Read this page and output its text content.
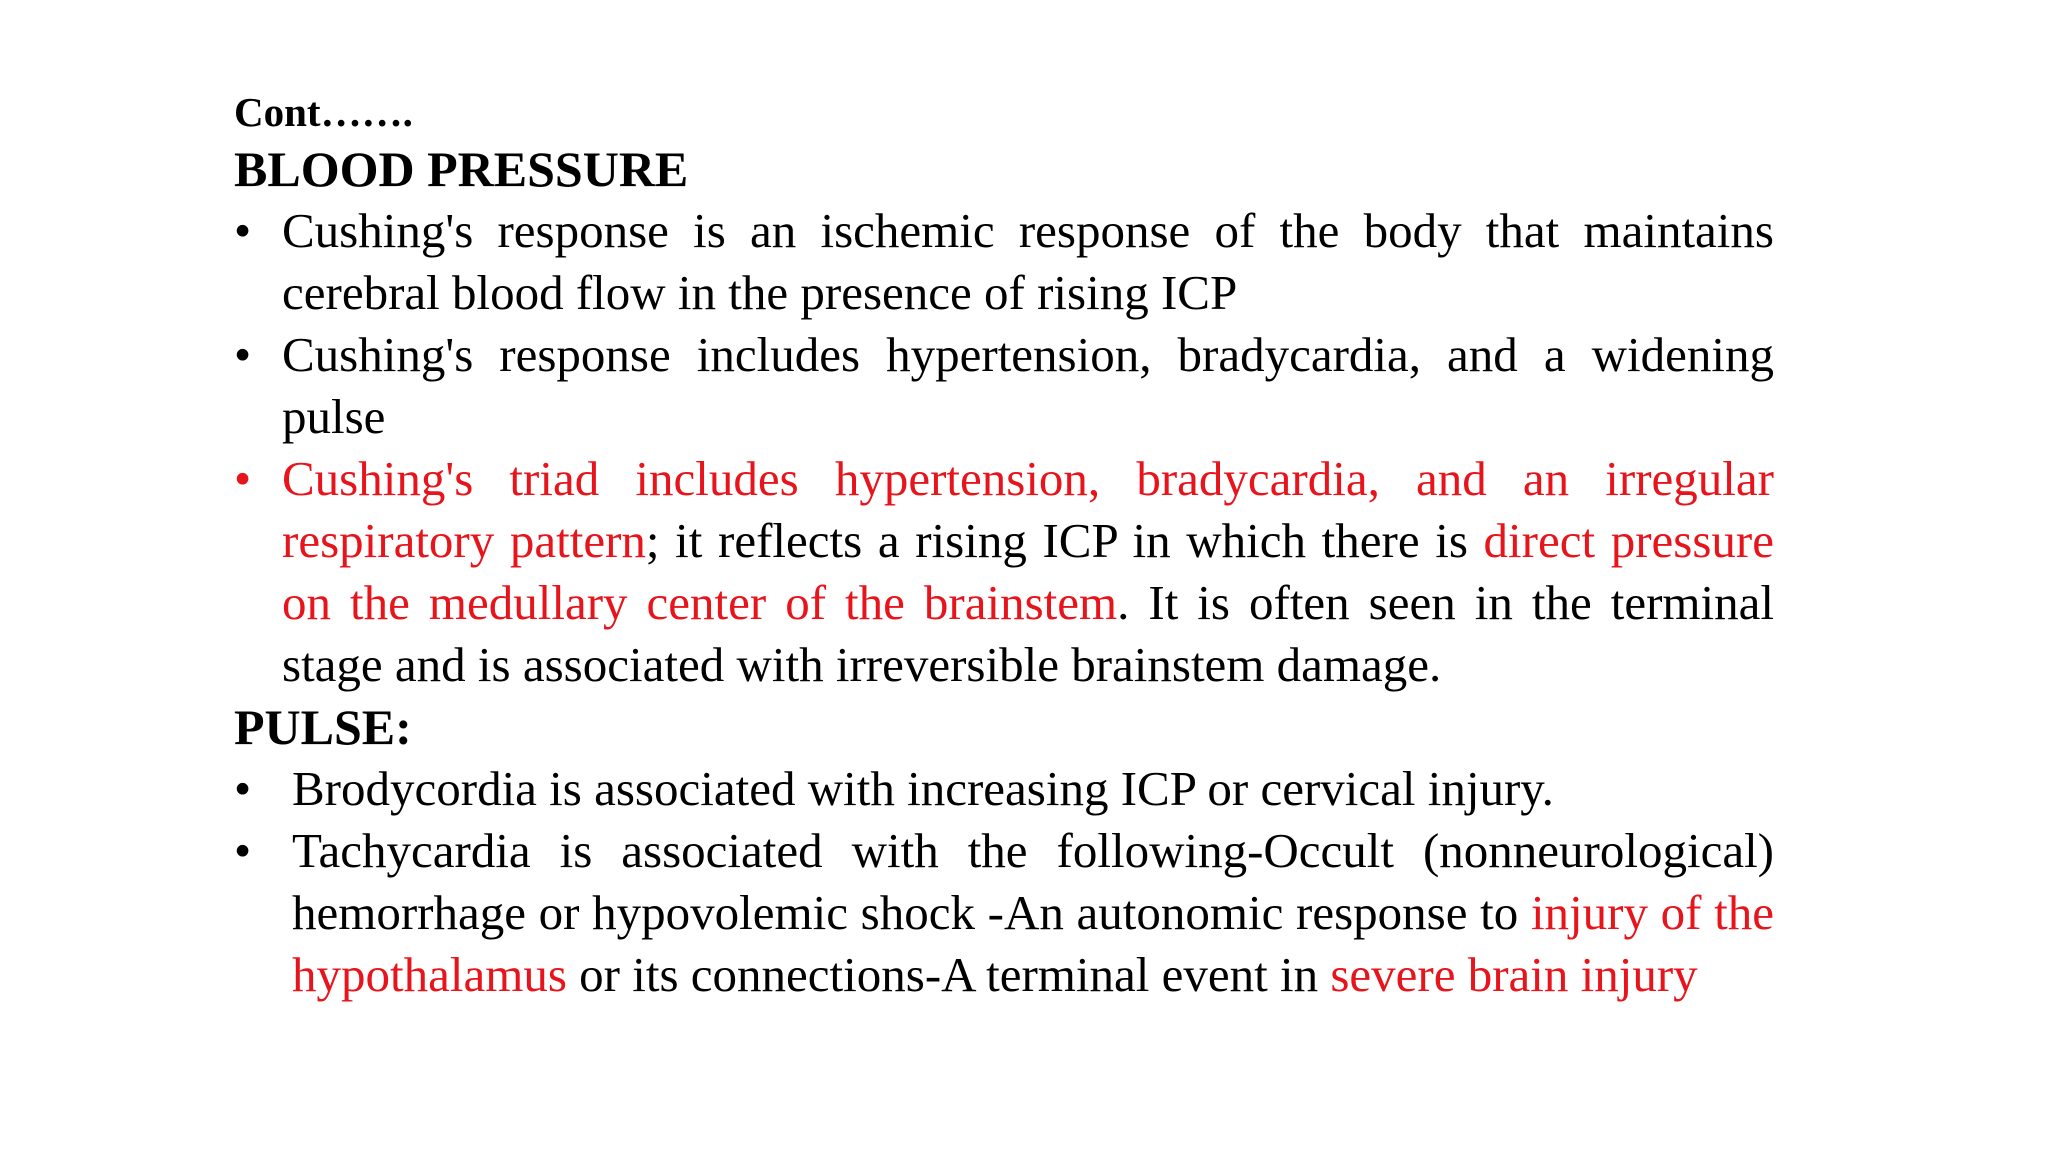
Cont…….

BLOOD PRESSURE

• Cushing's response is an ischemic response of the body that maintains cerebral blood flow in the presence of rising ICP
• Cushing's response includes hypertension, bradycardia, and a widening pulse
• Cushing's triad includes hypertension, bradycardia, and an irregular respiratory pattern; it reflects a rising ICP in which there is direct pressure on the medullary center of the brainstem. It is often seen in the terminal stage and is associated with irreversible brainstem damage.

PULSE:

• Brodycordia is associated with increasing ICP or cervical injury.
• Tachycardia is associated with the following-Occult (nonneurological) hemorrhage or hypovolemic shock -An autonomic response to injury of the hypothalamus or its connections-A terminal event in severe brain injury
